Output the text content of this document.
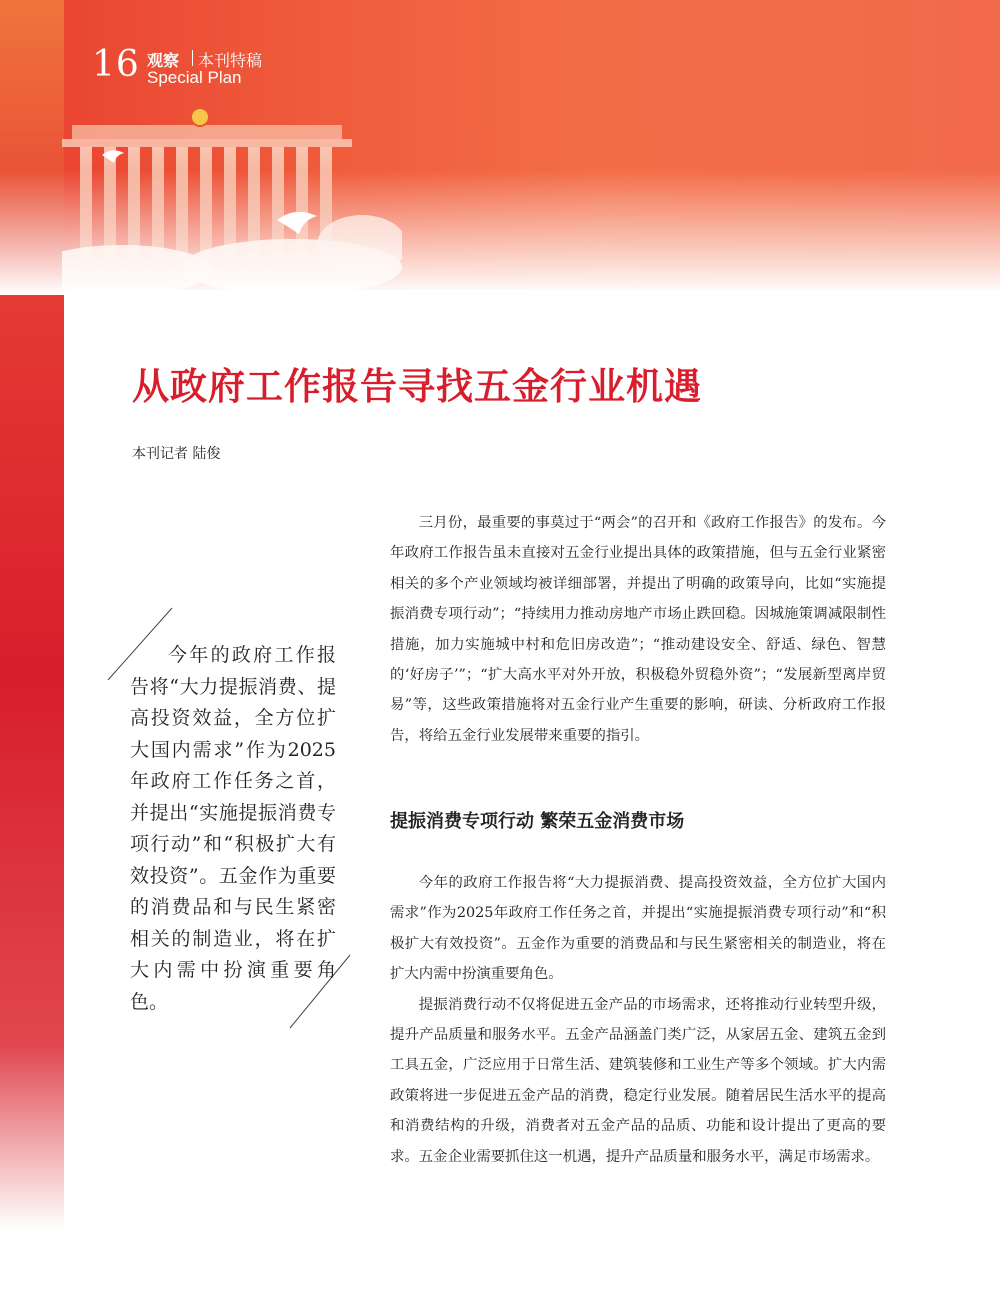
16 观察 本刊特稿
Special Plan
从政府工作报告寻找五金行业机遇
本刊记者 陆俊

今年的政府工作报告将“大力提振消费、提高投资效益，全方位扩大国内需求”作为2025年政府工作任务之首，并提出“实施提振消费专项行动”和“积极扩大有效投资”。五金作为重要的消费品和与民生紧密相关的制造业，将在扩大内需中扮演重要角色。

三月份，最重要的事莫过于“两会”的召开和《政府工作报告》的发布。今年政府工作报告虽未直接对五金行业提出具体的政策措施，但与五金行业紧密相关的多个产业领域均被详细部署，并提出了明确的政策导向，比如“实施提振消费专项行动”；“持续用力推动房地产市场止跌回稳。因城施策调减限制性措施，加力实施城中村和危旧房改造”；“推动建设安全、舒适、绿色、智慧的‘好房子’”；“扩大高水平对外开放，积极稳外贸稳外资”；“发展新型离岸贸易”等，这些政策措施将对五金行业产生重要的影响，研读、分析政府工作报告，将给五金行业发展带来重要的指引。

提振消费专项行动 繁荣五金消费市场

今年的政府工作报告将“大力提振消费、提高投资效益，全方位扩大国内需求”作为2025年政府工作任务之首，并提出“实施提振消费专项行动”和“积极扩大有效投资”。五金作为重要的消费品和与民生紧密相关的制造业，将在扩大内需中扮演重要角色。

提振消费行动不仅将促进五金产品的市场需求，还将推动行业转型升级，提升产品质量和服务水平。五金产品涵盖门类广泛，从家居五金、建筑五金到工具五金，广泛应用于日常生活、建筑装修和工业生产等多个领域。扩大内需政策将进一步促进五金产品的消费，稳定行业发展。随着居民生活水平的提高和消费结构的升级，消费者对五金产品的品质、功能和设计提出了更高的要求。五金企业需要抓住这一机遇，提升产品质量和服务水平，满足市场需求。
